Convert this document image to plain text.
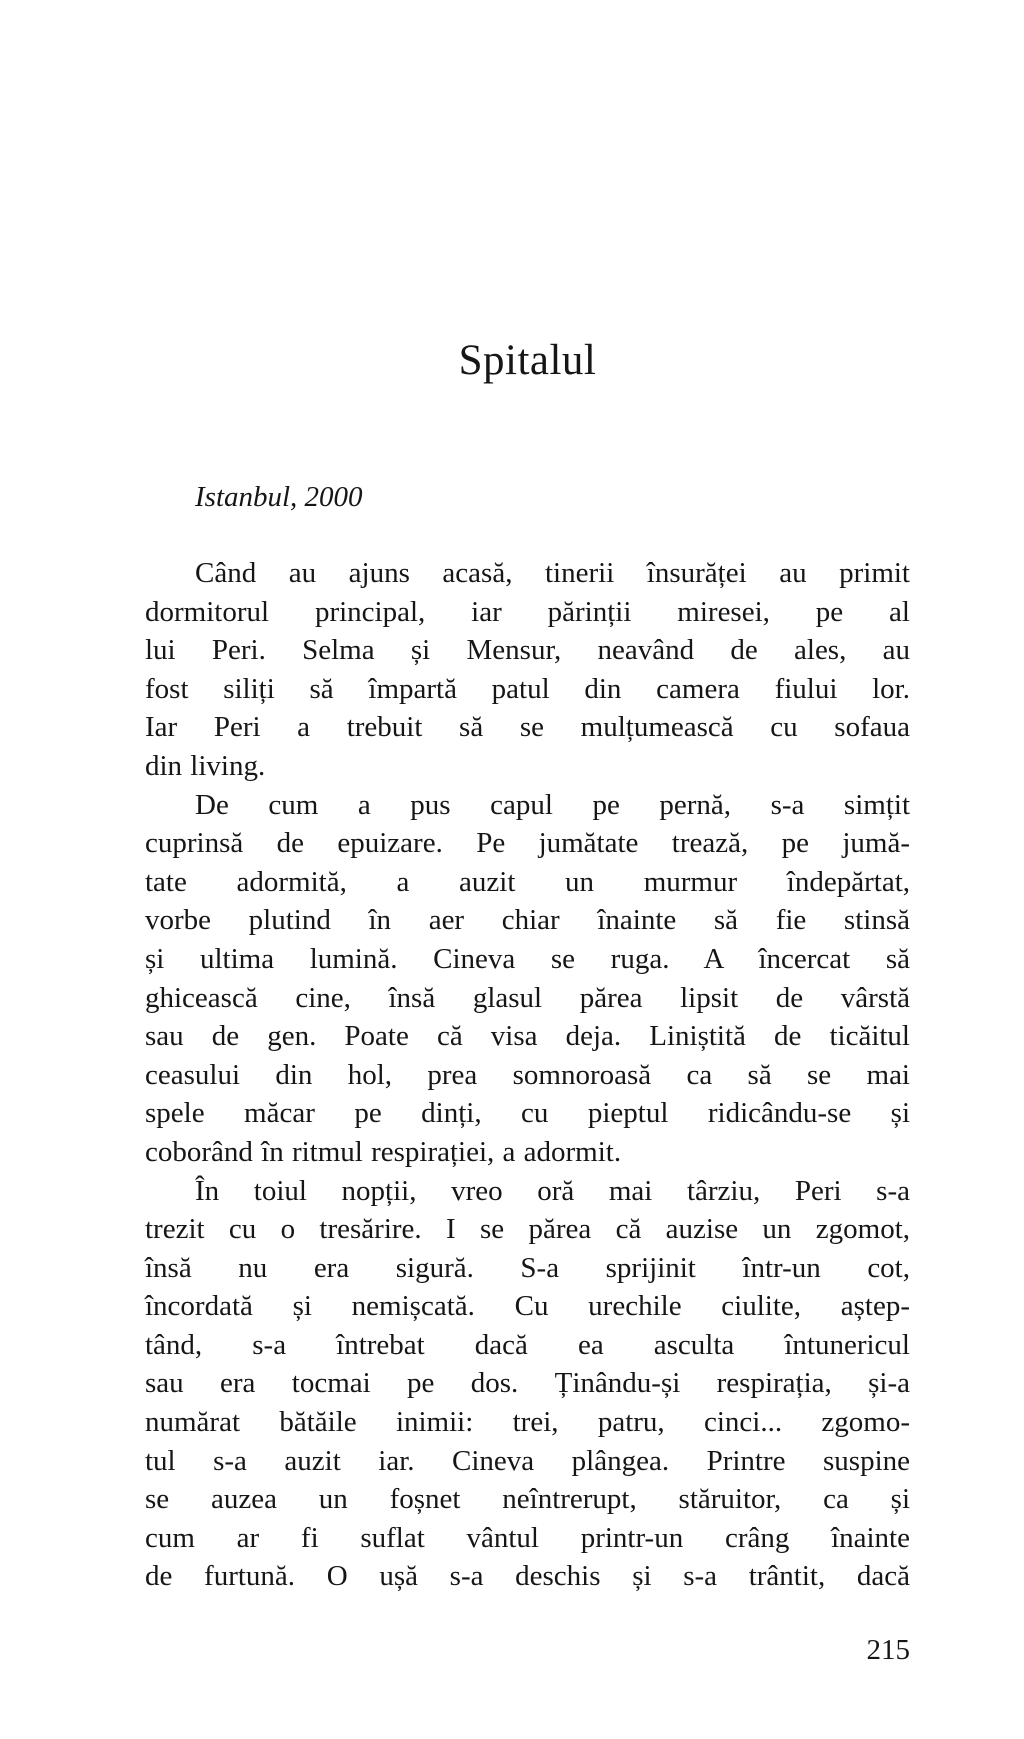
Spitalul
Istanbul, 2000
Când au ajuns acasă, tinerii însurăței au primit
dormitorul principal, iar părinții miresei, pe al
lui Peri. Selma și Mensur, neavând de ales, au
fost siliți să împartă patul din camera fiului lor.
Iar Peri a trebuit să se mulțumească cu sofaua
din living.
De cum a pus capul pe pernă, s-a simțit
cuprinsă de epuizare. Pe jumătate trează, pe jumă-
tate adormită, a auzit un murmur îndepărtat,
vorbe plutind în aer chiar înainte să fie stinsă
și ultima lumină. Cineva se ruga. A încercat să
ghicească cine, însă glasul părea lipsit de vârstă
sau de gen. Poate că visa deja. Liniștită de ticăitul
ceasului din hol, prea somnoroasă ca să se mai
spele măcar pe dinți, cu pieptul ridicându-se și
coborând în ritmul respirației, a adormit.
În toiul nopții, vreo oră mai târziu, Peri s-a
trezit cu o tresărire. I se părea că auzise un zgomot,
însă nu era sigură. S-a sprijinit într-un cot,
încordată și nemișcată. Cu urechile ciulite, aștep-
tând, s-a întrebat dacă ea asculta întunericul
sau era tocmai pe dos. Ținându-și respirația, și-a
numărat bătăile inimii: trei, patru, cinci... zgomo-
tul s-a auzit iar. Cineva plângea. Printre suspine
se auzea un foșnet neîntrerupt, stăruitor, ca și
cum ar fi suflat vântul printr-un crâng înainte
de furtună. O ușă s-a deschis și s-a trântit, dacă
215
